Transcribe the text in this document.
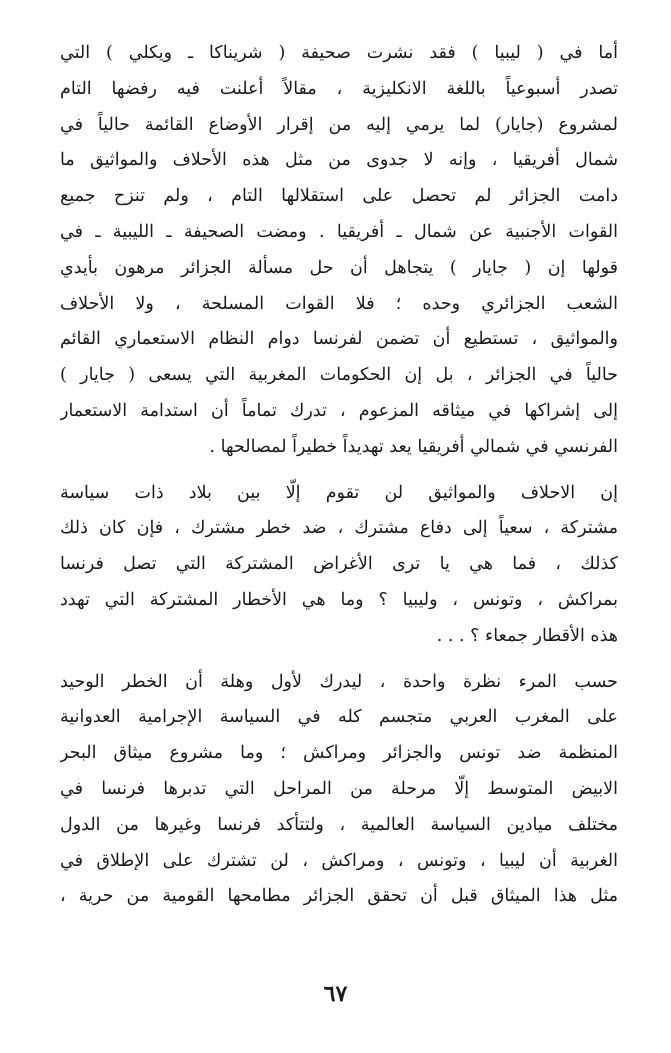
أما في ( ليبيا ) فقد نشرت صحيفة ( شريناكا ـ ويكلي ) التي
تصدر أسبوعياً باللغة الانكليزية ، مقالاً أعلنت فيه رفضها التام
لمشروع (جايار) لما يرمي إليه من إقرار الأوضاع القائمة حالياً في
شمال أفريقيا ، وإنه لا جدوى من مثل هذه الأحلاف والمواثيق ما
دامت الجزائر لم تحصل على استقلالها التام ، ولم تنزح جميع
القوات الأجنبية عن شمال ـ أفريقيا . ومضت الصحيفة ـ الليبية ـ في
قولها إن ( جايار ) يتجاهل أن حل مسألة الجزائر مرهون بأيدي
الشعب الجزائري وحده ؛ فلا القوات المسلحة ، ولا الأحلاف
والمواثيق ، تستطيع أن تضمن لفرنسا دوام النظام الاستعماري القائم
حالياً في الجزائر ، بل إن الحكومات المغربية التي يسعى ( جايار )
إلى إشراكها في ميثاقه المزعوم ، تدرك تماماً أن استدامة الاستعمار
الفرنسي في شمالي أفريقيا يعد تهديداً خطيراً لمصالحها .
إن الاحلاف والمواثيق لن تقوم إلّا بين بلاد ذات سياسة
مشتركة ، سعياً إلى دفاع مشترك ، ضد خطر مشترك ، فإن كان ذلك
كذلك ، فما هي يا ترى الأغراض المشتركة التي تصل فرنسا
بمراكش ، وتونس ، وليبيا ؟ وما هي الأخطار المشتركة التي تهدد
هذه الأقطار جمعاء ؟ . . .
حسب المرء نظرة واحدة ، ليدرك لأول وهلة أن الخطر الوحيد
على المغرب العربي متجسم كله في السياسة الإجرامية العدوانية
المنظمة ضد تونس والجزائر ومراكش ؛ وما مشروع ميثاق البحر
الابيض المتوسط إلّا مرحلة من المراحل التي تدبرها فرنسا في
مختلف ميادين السياسة العالمية ، ولتتأكد فرنسا وغيرها من الدول
الغربية أن ليبيا ، وتونس ، ومراكش ، لن تشترك على الإطلاق في
مثل هذا الميثاق قبل أن تحقق الجزائر مطامحها القومية من حرية ،
٦٧
